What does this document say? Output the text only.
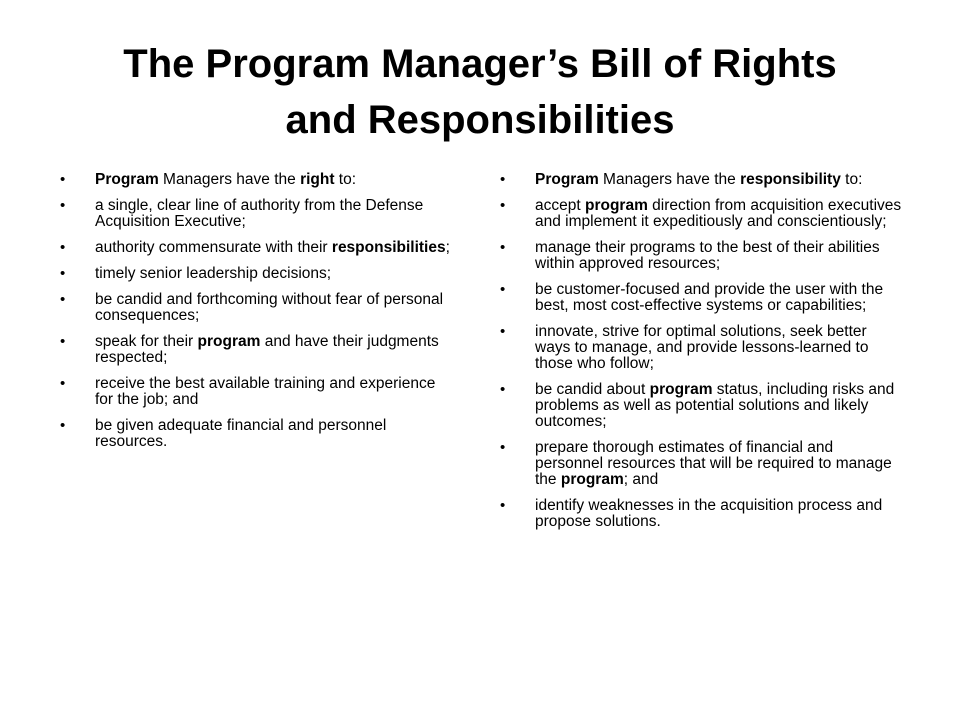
The Program Manager’s Bill of Rights
and Responsibilities
• Program Managers have the right to:
• a single, clear line of authority from the Defense Acquisition Executive;
• authority commensurate with their responsibilities;
• timely senior leadership decisions;
• be candid and forthcoming without fear of personal consequences;
• speak for their program and have their judgments respected;
• receive the best available training and experience for the job; and
• be given adequate financial and personnel resources.
• Program Managers have the responsibility to:
• accept program direction from acquisition executives and implement it expeditiously and conscientiously;
• manage their programs to the best of their abilities within approved resources;
• be customer-focused and provide the user with the best, most cost-effective systems or capabilities;
• innovate, strive for optimal solutions, seek better ways to manage, and provide lessons-learned to those who follow;
• be candid about program status, including risks and problems as well as potential solutions and likely outcomes;
• prepare thorough estimates of financial and personnel resources that will be required to manage the program; and
• identify weaknesses in the acquisition process and propose solutions.
